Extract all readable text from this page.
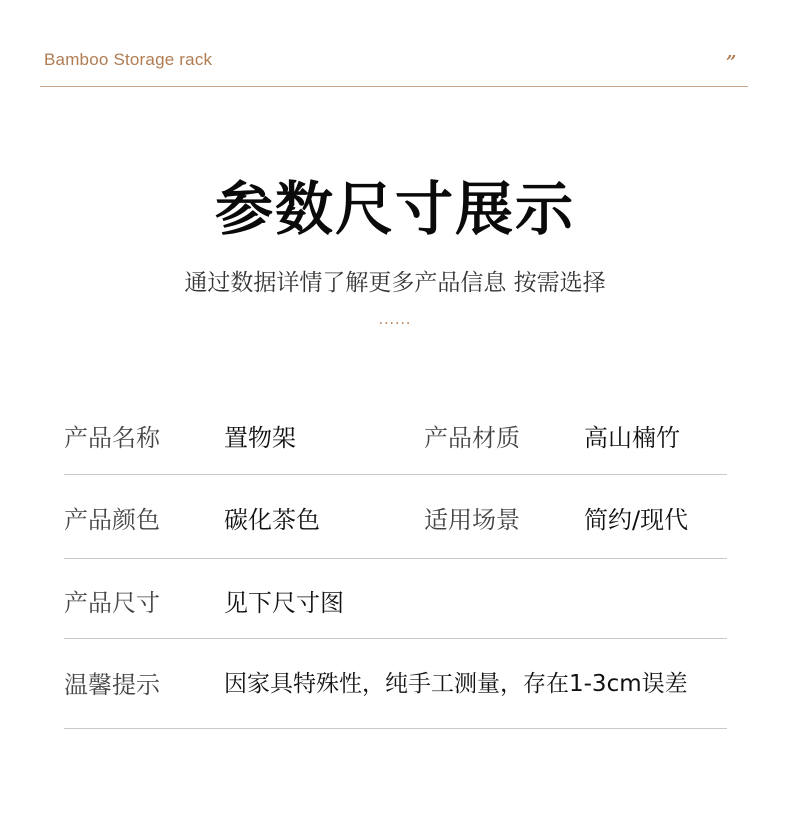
Bamboo Storage rack	”
参数尺寸展示
通过数据详情了解更多产品信息 按需选择
......
产品名称	置物架	产品材质	高山楠竹
产品颜色	碳化茶色	适用场景	简约/现代
产品尺寸	见下尺寸图
温馨提示	因家具特殊性，纯手工测量，存在1-3cm误差
